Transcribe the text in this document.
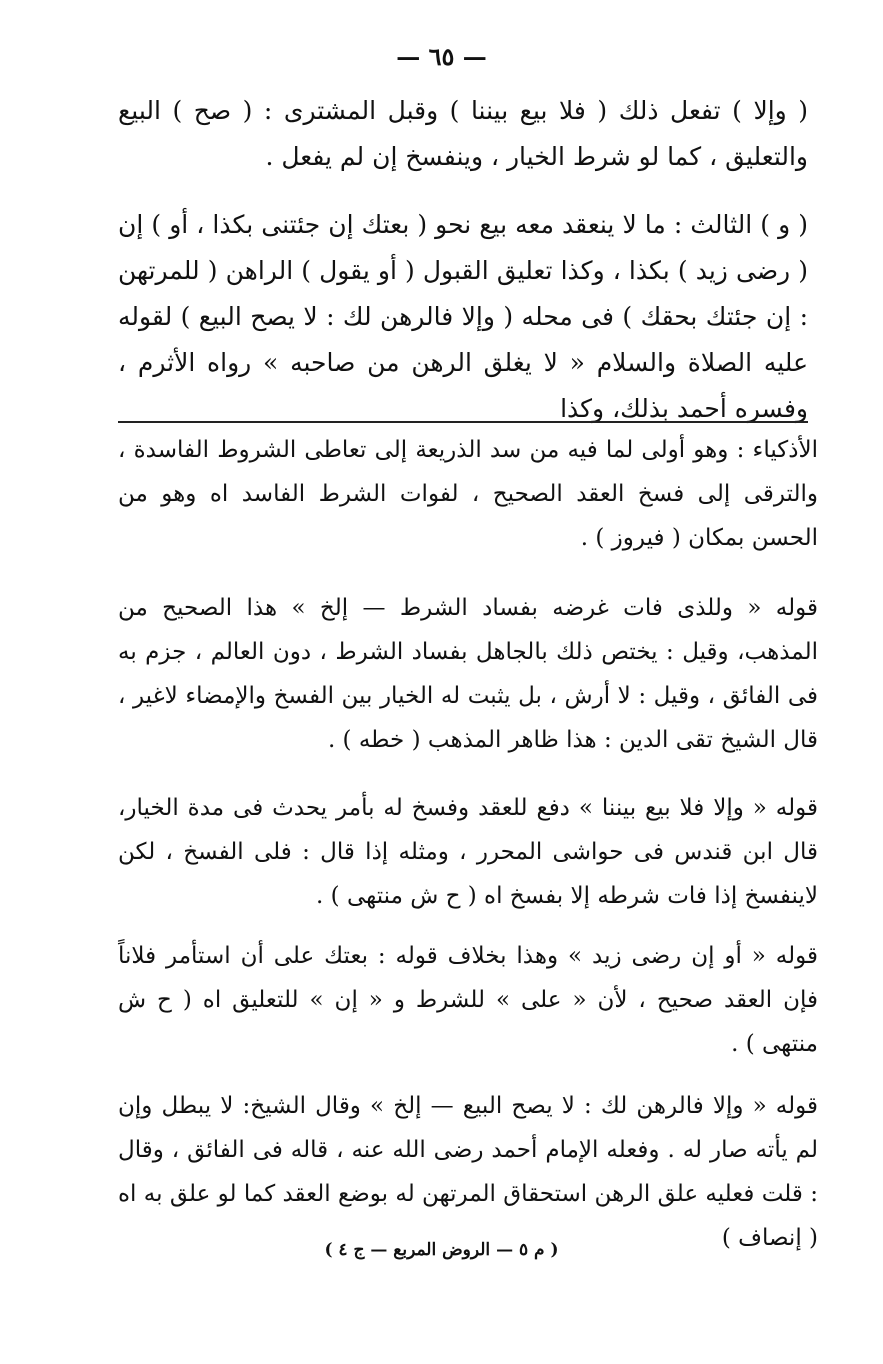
— ٦٥ —

( وإلا ) تفعل ذلك ( فلا بيع بيننا ) وقبل المشترى : ( صح ) البيع والتعليق ، كما لو شرط الخيار ، وينفسخ إن لم يفعل .

( و ) الثالث : ما لا ينعقد معه بيع نحو ( بعتك إن جئتنى بكذا ، أو ) إن ( رضى زيد ) بكذا ، وكذا تعليق القبول ( أو يقول ) الراهن ( للمرتهن : إن جئتك بحقك ) فى محله ( وإلا فالرهن لك : لا يصح البيع ) لقوله عليه الصلاة والسلام « لا يغلق الرهن من صاحبه » رواه الأثرم ، وفسره أحمد بذلك، وكذا

الأذكياء : وهو أولى لما فيه من سد الذريعة إلى تعاطى الشروط الفاسدة ، والترقى إلى فسخ العقد الصحيح ، لفوات الشرط الفاسد اه وهو من الحسن بمكان ( فيروز ) .

قوله « وللذى فات غرضه بفساد الشرط — إلخ » هذا الصحيح من المذهب، وقيل : يختص ذلك بالجاهل بفساد الشرط ، دون العالم ، جزم به فى الفائق ، وقيل : لا أرش ، بل يثبت له الخيار بين الفسخ والإمضاء لاغير ، قال الشيخ تقى الدين : هذا ظاهر المذهب ( خطه ) .

قوله « وإلا فلا بيع بيننا » دفع للعقد وفسخ له بأمر يحدث فى مدة الخيار، قال ابن قندس فى حواشى المحرر ، ومثله إذا قال : فلى الفسخ ، لكن لاينفسخ إذا فات شرطه إلا بفسخ اه ( ح ش منتهى ) .

قوله « أو إن رضى زيد » وهذا بخلاف قوله : بعتك على أن استأمر فلاناً فإن العقد صحيح ، لأن « على » للشرط و « إن » للتعليق اه ( ح ش منتهى ) .

قوله « وإلا فالرهن لك : لا يصح البيع — إلخ » وقال الشيخ: لا يبطل وإن لم يأته صار له . وفعله الإمام أحمد رضى الله عنه ، قاله فى الفائق ، وقال : قلت فعليه علق الرهن استحقاق المرتهن له بوضع العقد كما لو علق به اه ( إنصاف )

( م ٥ — الروض المربع — ج ٤ )
